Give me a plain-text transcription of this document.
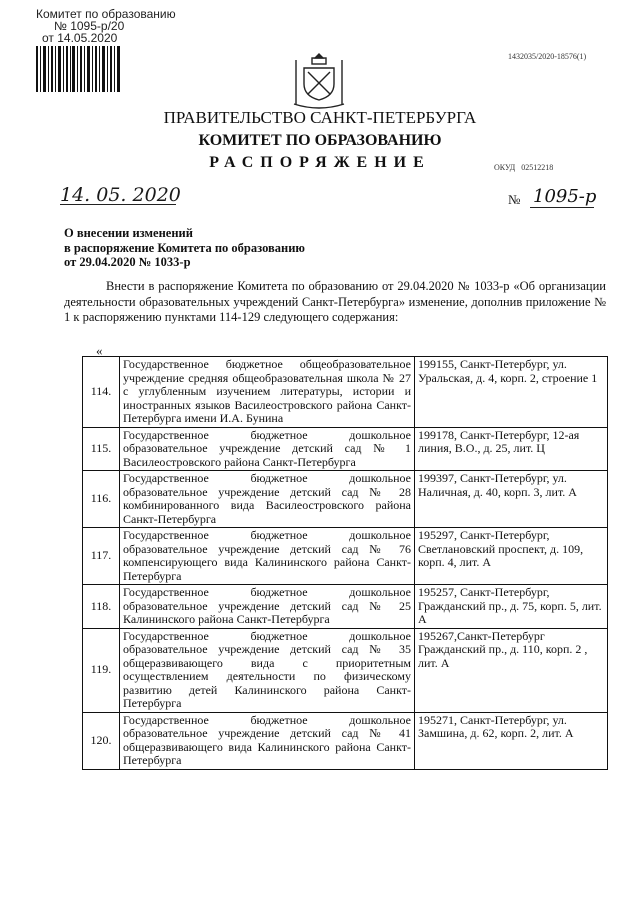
Комитет по образованию
№ 1095-р/20
от 14.05.2020
1432035/2020-18576(1)
ПРАВИТЕЛЬСТВО САНКТ-ПЕТЕРБУРГА
КОМИТЕТ ПО ОБРАЗОВАНИЮ
РАСПОРЯЖЕНИЕ	ОКУД 02512218
14. 05. 2020	№ 1095-р
О внесении изменений
в распоряжение Комитета по образованию
от 29.04.2020 № 1033-р

Внести в распоряжение Комитета по образованию от 29.04.2020 № 1033-р «Об организации деятельности образовательных учреждений Санкт-Петербурга» изменение, дополнив приложение № 1 к распоряжению пунктами 114-129 следующего содержания:

«
114.	Государственное бюджетное общеобразовательное учреждение средняя общеобразовательная школа № 27 с углубленным изучением литературы, истории и иностранных языков Василеостровского района Санкт-Петербурга имени И.А. Бунина	199155, Санкт-Петербург, ул. Уральская, д. 4, корп. 2, строение 1
115.	Государственное бюджетное дошкольное образовательное учреждение детский сад № 1 Василеостровского района Санкт-Петербурга	199178, Санкт-Петербург, 12-ая линия, В.О., д. 25, лит. Ц
116.	Государственное бюджетное дошкольное образовательное учреждение детский сад № 28 комбинированного вида Василеостровского района Санкт-Петербурга	199397, Санкт-Петербург, ул. Наличная, д. 40, корп. 3, лит. А
117.	Государственное бюджетное дошкольное образовательное учреждение детский сад № 76 компенсирующего вида Калининского района Санкт-Петербурга	195297, Санкт-Петербург, Светлановский проспект, д. 109, корп. 4, лит. А
118.	Государственное бюджетное дошкольное образовательное учреждение детский сад № 25 Калининского района Санкт-Петербурга	195257, Санкт-Петербург, Гражданский пр., д. 75, корп. 5, лит. А
119.	Государственное бюджетное дошкольное образовательное учреждение детский сад № 35 общеразвивающего вида с приоритетным осуществлением деятельности по физическому развитию детей Калининского района Санкт-Петербурга	195267,Санкт-Петербург Гражданский пр., д. 110, корп. 2 , лит. А
120.	Государственное бюджетное дошкольное образовательное учреждение детский сад № 41 общеразвивающего вида Калининского района Санкт-Петербурга	195271, Санкт-Петербург, ул. Замшина, д. 62, корп. 2, лит. А
